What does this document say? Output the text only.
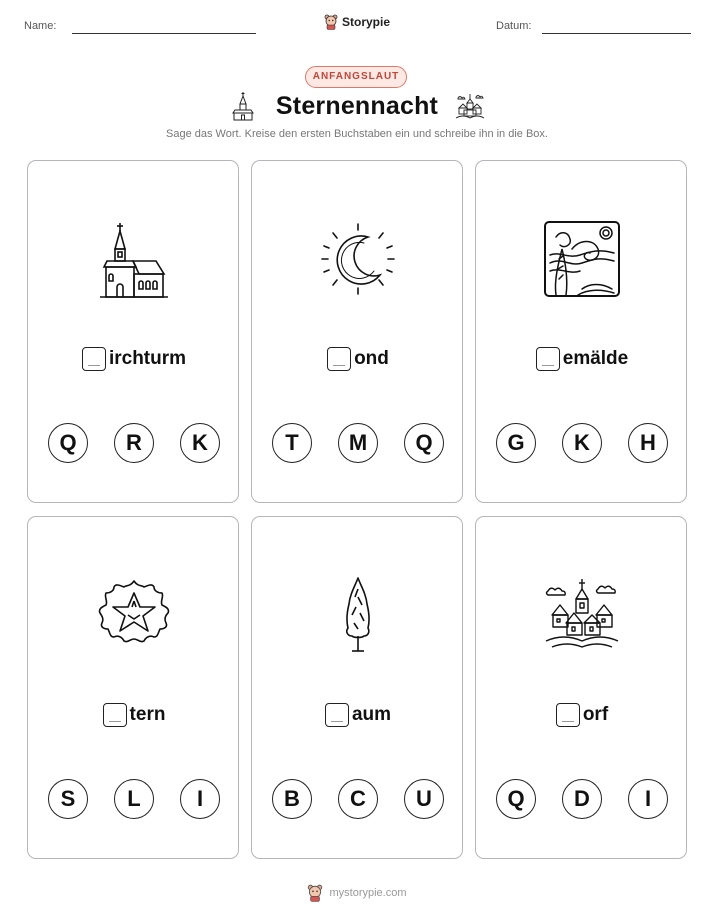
Name:	Storypie	Datum:
ANFANGSLAUT
Sternennacht
Sage das Wort. Kreise den ersten Buchstaben ein und schreibe ihn in die Box.
irchturm
Q	R	K
ond
T	M	Q
emälde
G	K	H
tern
S	L	I
aum
B	C	U
orf
Q	D	I
mystorypie.com
